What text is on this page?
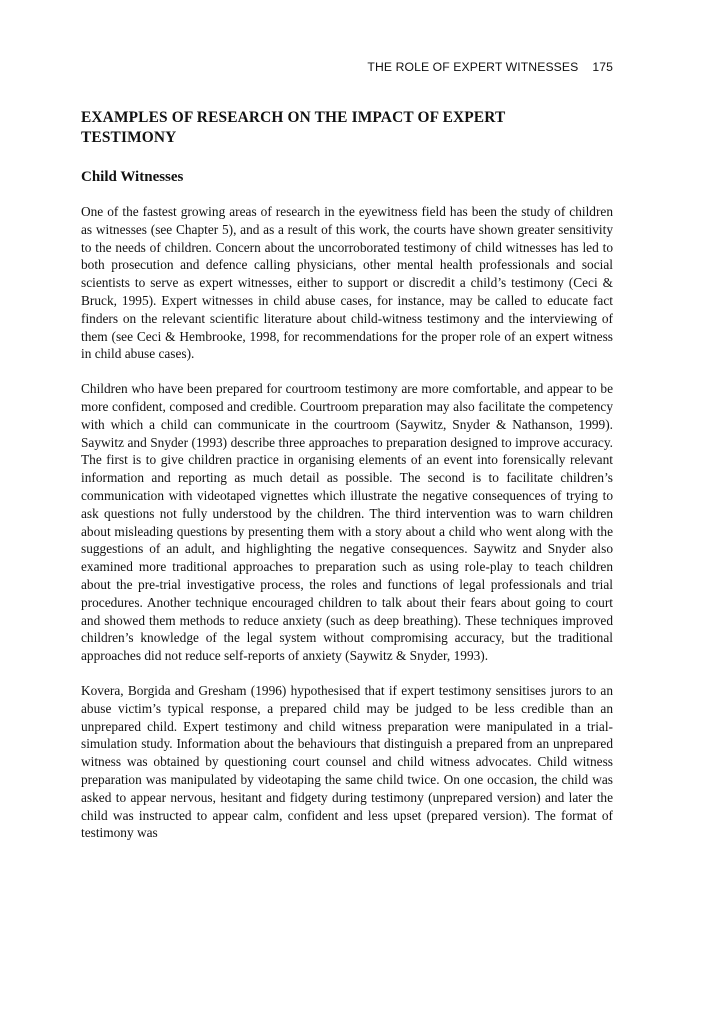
THE ROLE OF EXPERT WITNESSES 175
EXAMPLES OF RESEARCH ON THE IMPACT OF EXPERT TESTIMONY
Child Witnesses

One of the fastest growing areas of research in the eyewitness field has been the study of children as witnesses (see Chapter 5), and as a result of this work, the courts have shown greater sensitivity to the needs of children. Concern about the uncorroborated testimony of child witnesses has led to both prosecution and defence calling physicians, other mental health professionals and social scientists to serve as expert witnesses, either to support or discredit a child’s testimony (Ceci & Bruck, 1995). Expert witnesses in child abuse cases, for instance, may be called to educate fact finders on the relevant scientific literature about child-witness testimony and the interviewing of them (see Ceci & Hembrooke, 1998, for recommendations for the proper role of an expert witness in child abuse cases).

Children who have been prepared for courtroom testimony are more comfortable, and appear to be more confident, composed and credible. Courtroom preparation may also facilitate the competency with which a child can communicate in the courtroom (Saywitz, Snyder & Nathanson, 1999). Saywitz and Snyder (1993) describe three approaches to preparation designed to improve accuracy. The first is to give children practice in organising elements of an event into forensically relevant information and reporting as much detail as possible. The second is to facilitate children’s communication with videotaped vignettes which illustrate the negative consequences of trying to ask questions not fully understood by the children. The third intervention was to warn children about misleading questions by presenting them with a story about a child who went along with the suggestions of an adult, and highlighting the negative consequences. Saywitz and Snyder also examined more traditional approaches to preparation such as using role-play to teach children about the pre-trial investigative process, the roles and functions of legal professionals and trial procedures. Another technique encouraged children to talk about their fears about going to court and showed them methods to reduce anxiety (such as deep breathing). These techniques improved children’s knowledge of the legal system without compromising accuracy, but the traditional approaches did not reduce self-reports of anxiety (Saywitz & Snyder, 1993).

Kovera, Borgida and Gresham (1996) hypothesised that if expert testimony sensitises jurors to an abuse victim’s typical response, a prepared child may be judged to be less credible than an unprepared child. Expert testimony and child witness preparation were manipulated in a trial-simulation study. Information about the behaviours that distinguish a prepared from an unprepared witness was obtained by questioning court counsel and child witness advocates. Child witness preparation was manipulated by videotaping the same child twice. On one occasion, the child was asked to appear nervous, hesitant and fidgety during testimony (unprepared version) and later the child was instructed to appear calm, confident and less upset (prepared version). The format of testimony was
